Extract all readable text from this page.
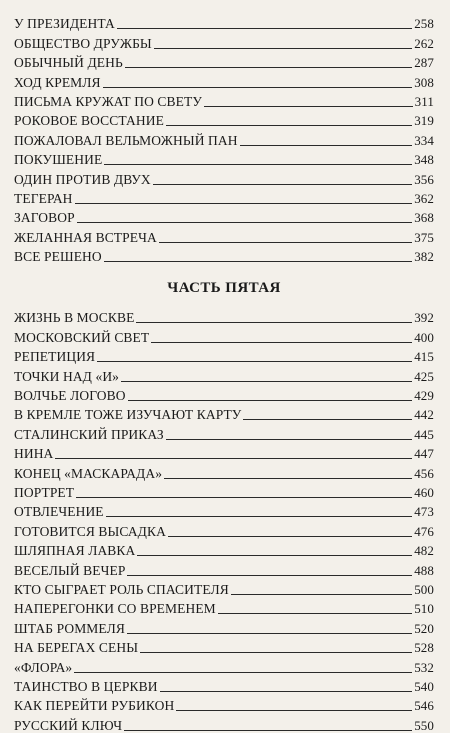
У ПРЕЗИДЕНТА	258
ОБЩЕСТВО ДРУЖБЫ	262
ОБЫЧНЫЙ ДЕНЬ	287
ХОД КРЕМЛЯ	308
ПИСЬМА КРУЖАТ ПО СВЕТУ	311
РОКОВОЕ ВОССТАНИЕ	319
ПОЖАЛОВАЛ ВЕЛЬМОЖНЫЙ ПАН	334
ПОКУШЕНИЕ	348
ОДИН ПРОТИВ ДВУХ	356
ТЕГЕРАН	362
ЗАГОВОР	368
ЖЕЛАННАЯ ВСТРЕЧА	375
ВСЕ РЕШЕНО	382
ЧАСТЬ ПЯТАЯ
ЖИЗНЬ В МОСКВЕ	392
МОСКОВСКИЙ СВЕТ	400
РЕПЕТИЦИЯ	415
ТОЧКИ НАД «И»	425
ВОЛЧЬЕ ЛОГОВО	429
В КРЕМЛЕ ТОЖЕ ИЗУЧАЮТ КАРТУ	442
СТАЛИНСКИЙ ПРИКАЗ	445
НИНА	447
КОНЕЦ «МАСКАРАДА»	456
ПОРТРЕТ	460
ОТВЛЕЧЕНИЕ	473
ГОТОВИТСЯ ВЫСАДКА	476
ШЛЯПНАЯ ЛАВКА	482
ВЕСЕЛЫЙ ВЕЧЕР	488
КТО СЫГРАЕТ РОЛЬ СПАСИТЕЛЯ	500
НАПЕРЕГОНКИ СО ВРЕМЕНЕМ	510
ШТАБ РОММЕЛЯ	520
НА БЕРЕГАХ СЕНЫ	528
«ФЛОРА»	532
ТАИНСТВО В ЦЕРКВИ	540
КАК ПЕРЕЙТИ РУБИКОН	546
РУССКИЙ КЛЮЧ	550
